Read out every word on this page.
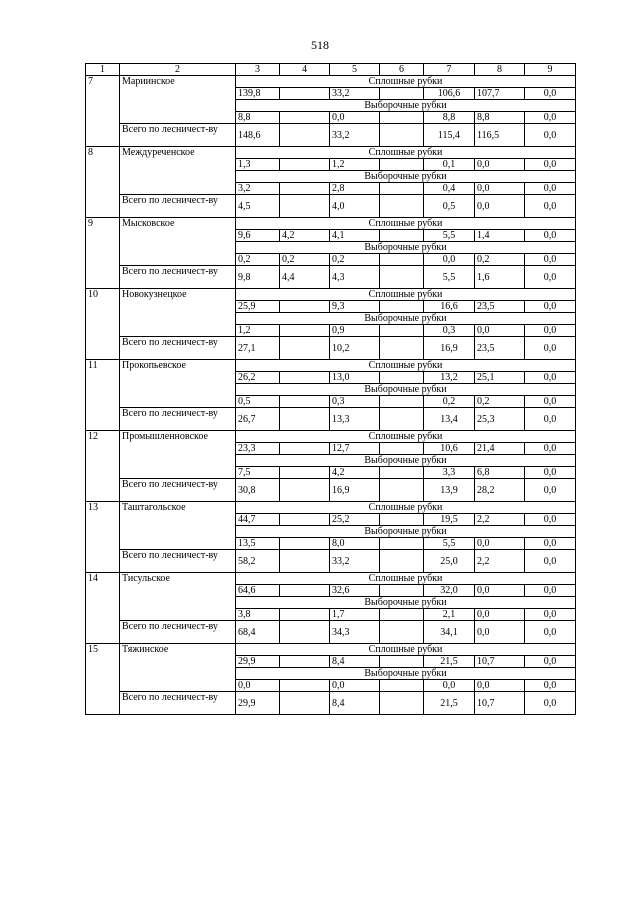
518
1	2	3	4	5	6	7	8	9
7	Мариинское	Сплошные рубки						
		139,8		33,2		106,6	107,7	0,0
		Выборочные рубки						
		8,8		0,0		8,8	8,8	0,0
	Всего по лесничест-ву	148,6		33,2		115,4	116,5	0,0
8	Междуреченское	Сплошные рубки						
		1,3		1,2		0,1	0,0	0,0
		Выборочные рубки						
		3,2		2,8		0,4	0,0	0,0
	Всего по лесничест-ву	4,5		4,0		0,5	0,0	0,0
9	Мысковское	Сплошные рубки						
		9,6	4,2	4,1		5,5	1,4	0,0
		Выборочные рубки						
		0,2	0,2	0,2		0,0	0,2	0,0
	Всего по лесничест-ву	9,8	4,4	4,3		5,5	1,6	0,0
10	Новокузнецкое	Сплошные рубки						
		25,9		9,3		16,6	23,5	0,0
		Выборочные рубки						
		1,2		0,9		0,3	0,0	0,0
	Всего по лесничест-ву	27,1		10,2		16,9	23,5	0,0
11	Прокопьевское	Сплошные рубки						
		26,2		13,0		13,2	25,1	0,0
		Выборочные рубки						
		0,5		0,3		0,2	0,2	0,0
	Всего по лесничест-ву	26,7		13,3		13,4	25,3	0,0
12	Промышленновское	Сплошные рубки						
		23,3		12,7		10,6	21,4	0,0
		Выборочные рубки						
		7,5		4,2		3,3	6,8	0,0
	Всего по лесничест-ву	30,8		16,9		13,9	28,2	0,0
13	Таштагольское	Сплошные рубки						
		44,7		25,2		19,5	2,2	0,0
		Выборочные рубки						
		13,5		8,0		5,5	0,0	0,0
	Всего по лесничест-ву	58,2		33,2		25,0	2,2	0,0
14	Тисульское	Сплошные рубки						
		64,6		32,6		32,0	0,0	0,0
		Выборочные рубки						
		3,8		1,7		2,1	0,0	0,0
	Всего по лесничест-ву	68,4		34,3		34,1	0,0	0,0
15	Тяжинское	Сплошные рубки						
		29,9		8,4		21,5	10,7	0,0
		Выборочные рубки						
		0,0		0,0		0,0	0,0	0,0
	Всего по лесничест-ву	29,9		8,4		21,5	10,7	0,0
